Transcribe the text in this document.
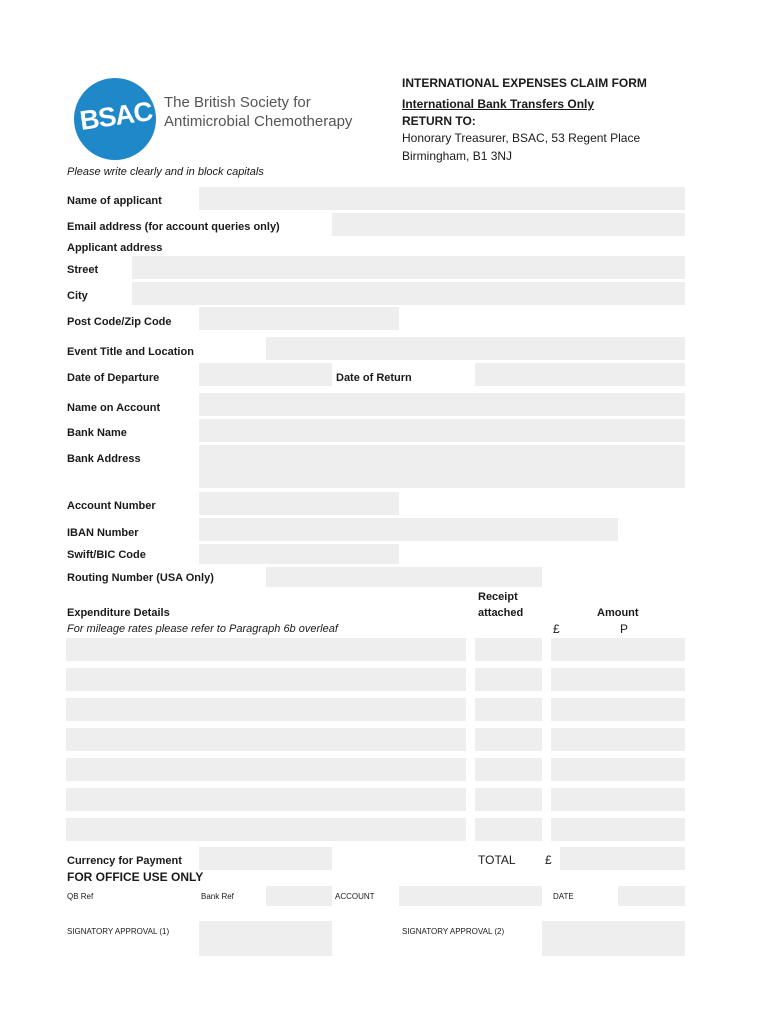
BSAC The British Society for
Antimicrobial Chemotherapy
INTERNATIONAL EXPENSES CLAIM FORM
International Bank Transfers Only
RETURN TO:
Honorary Treasurer, BSAC, 53 Regent Place
Birmingham, B1 3NJ
Please write clearly and in block capitals
Name of applicant
Email address (for account queries only)
Applicant address
Street
City
Post Code/Zip Code
Event Title and Location
Date of Departure	Date of Return
Name on Account
Bank Name
Bank Address
Account Number
IBAN Number
Swift/BIC Code
Routing Number (USA Only)
Expenditure Details
For mileage rates please refer to Paragraph 6b overleaf
Receipt
attached	Amount
£	P
Currency for Payment	TOTAL £
FOR OFFICE USE ONLY
QB Ref	Bank Ref	ACCOUNT	DATE
SIGNATORY APPROVAL (1)	SIGNATORY APPROVAL (2)
